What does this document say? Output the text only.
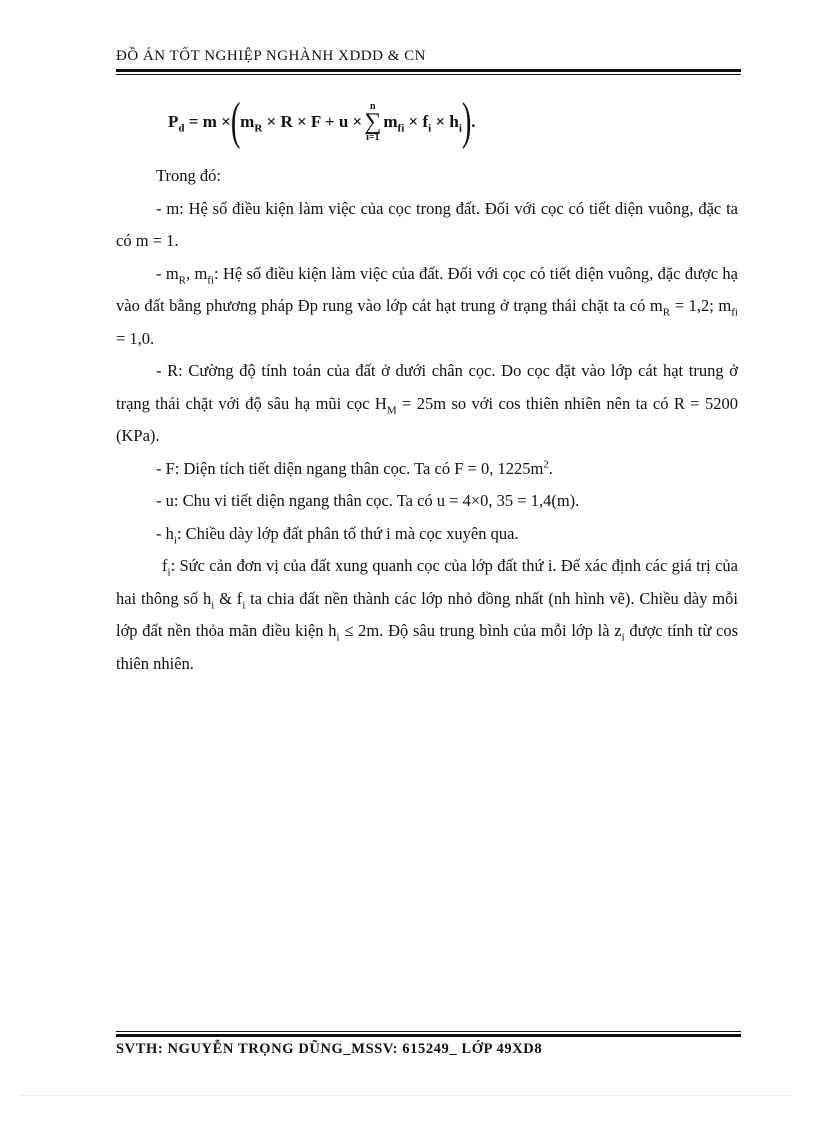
ĐỒ ÁN TỐT NGHIỆP NGHÀNH XDDD & CN
$P_d$
= m × ( $m_R$
× R × F + u ×
n
∑
i=1
$m_{fi}$
× $f_i$
× $h_i$ ) .

Trong đó:

- m: Hệ số điều kiện làm việc của cọc trong đất. Đối với cọc có tiết diện vuông, đặc ta có m = 1.

- $m_R$, $m_{fi}$: Hệ số điều kiện làm việc của đất. Đối với cọc có tiết diện vuông, đặc được hạ vào đất bằng phương pháp Đp rung vào lớp cát hạt trung ở trạng thái chặt ta có $m_R = 1,2$; $m_{fi} = 1,0$.

- R: Cường độ tính toán của đất ở dưới chân cọc. Do cọc đặt vào lớp cát hạt trung ở trạng thái chặt với độ sâu hạ mũi cọc $H_M = 25m$ so với cos thiên nhiên nên ta có R = 5200 (KPa).

- F: Diện tích tiết diện ngang thân cọc. Ta có F = 0, $1225m^2$.

- u: Chu vi tiết diện ngang thân cọc. Ta có u = 4×0, 35 = 1,4(m).

- $h_i$: Chiều dày lớp đất phân tố thứ i mà cọc xuyên qua.

$f_i$: Sức cản đơn vị của đất xung quanh cọc của lớp đất thứ i. Để xác định các giá trị của hai thông số $h_i$ & $f_i$ ta chia đất nền thành các lớp nhỏ đồng nhất (nh hình vẽ). Chiều dày mỗi lớp đất nền thỏa mãn điều kiện $h_i \le 2m$. Độ sâu trung bình của mỗi lớp là $z_i$ được tính từ cos thiên nhiên.

SVTH: NGUYỄN TRỌNG DŨNG_MSSV: 615249_ LỚP 49XD8
